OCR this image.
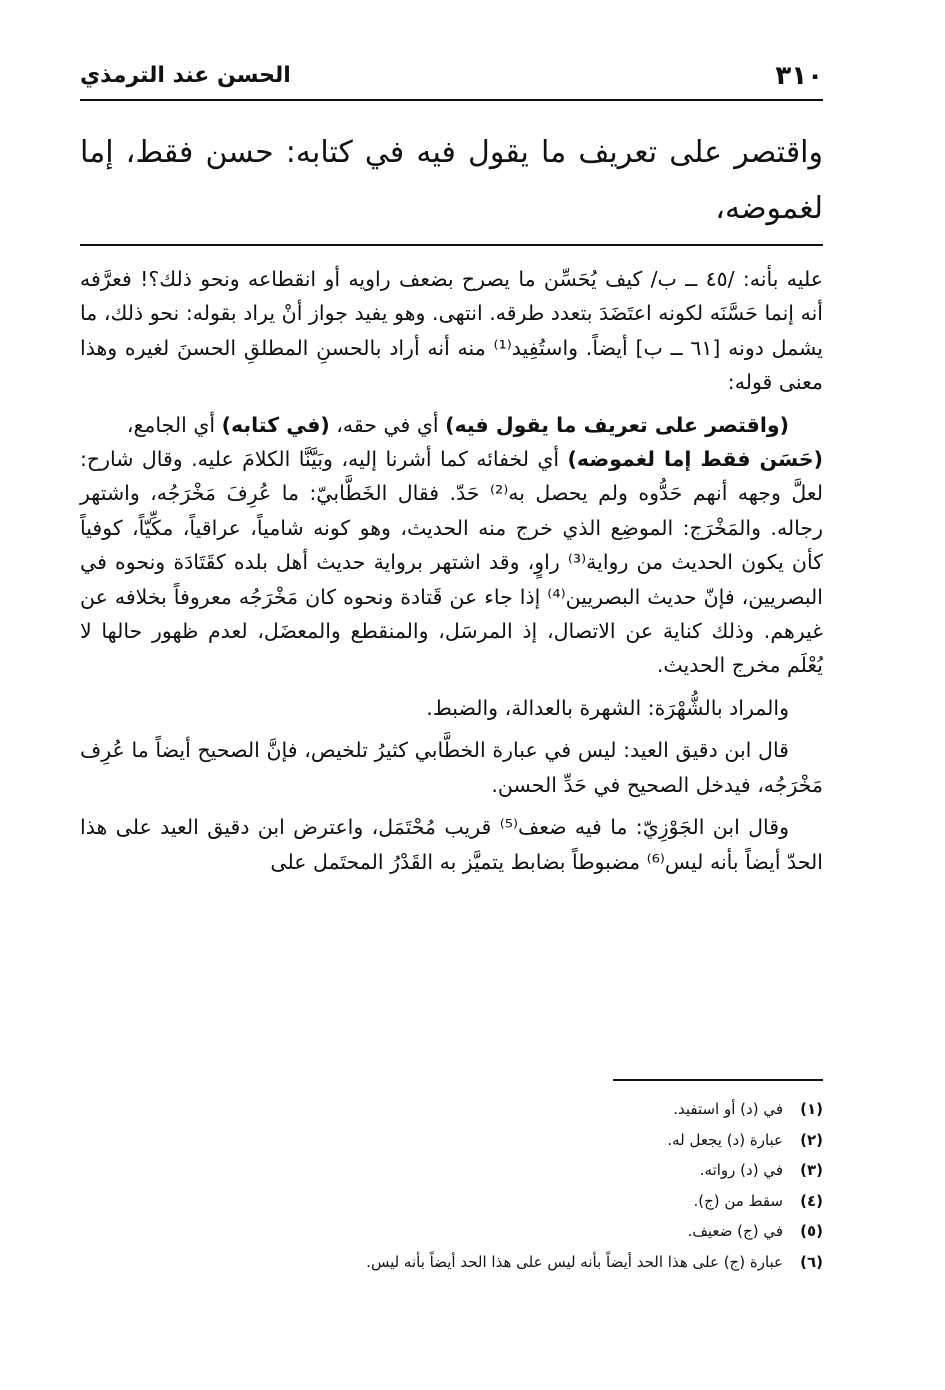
٣١٠
الحسن عند الترمذي

واقتصر على تعريف ما يقول فيه في كتابه: حسن فقط، إما لغموضه،

عليه بأنه: /٤٥ ــ ب/ كيف يُحَسِّن ما يصرح بضعف راويه أو انقطاعه ونحو ذلك؟! فعرَّفه أنه إنما حَسَّنَه لكونه اعتَضَدَ بتعدد طرقه. انتهى. وهو يفيد جواز أنْ يراد بقوله: نحو ذلك، ما يشمل دونه [٦١ ــ ب] أيضاً. واستُفِيد⁽¹⁾ منه أنه أراد بالحسنِ المطلقِ الحسنَ لغيره وهذا معنى قوله:

(واقتصر على تعريف ما يقول فيه) أي في حقه، (في كتابه) أي الجامع،
(حَسَن فقط إما لغموضه) أي لخفائه كما أشرنا إليه، وبَيَّنَّا الكلامَ عليه. وقال شارح: لعلَّ وجهه أنهم حَدُّوه ولم يحصل به⁽²⁾ حَدّ. فقال الخَطَّابيّ: ما عُرِفَ مَخْرَجُه، واشتهر رجاله. والمَخْرَج: الموضِع الذي خرج منه الحديث، وهو كونه شامياً، عراقياً، مكِّيّاً، كوفياً كأن يكون الحديث من رواية⁽³⁾ راوٍ، وقد اشتهر برواية حديث أهل بلده كقَتَادَة ونحوه في البصريين، فإنّ حديث البصريين⁽⁴⁾ إذا جاء عن قَتادة ونحوه كان مَخْرَجُه معروفاً بخلافه عن غيرهم. وذلك كناية عن الاتصال، إذ المرسَل، والمنقطع والمعضَل، لعدم ظهور حالها لا يُعْلَم مخرج الحديث.

والمراد بالشُّهْرَة: الشهرة بالعدالة، والضبط.

قال ابن دقيق العيد: ليس في عبارة الخطَّابي كثيرُ تلخيص، فإنَّ الصحيح أيضاً ما عُرِف مَخْرَجُه، فيدخل الصحيح في حَدِّ الحسن.

وقال ابن الجَوْزِيّ: ما فيه ضعف⁽⁵⁾ قريب مُحْتَمَل، واعترض ابن دقيق العيد على هذا الحدّ أيضاً بأنه ليس⁽⁶⁾ مضبوطاً بضابط يتميَّز به القَدْرُ المحتَمل على

(١)
في (د) أو استفيد.
(٢)
عبارة (د) يجعل له.
(٣)
في (د) رواته.
(٤)
سقط من (ج).
(٥)
في (ج) ضعيف.
(٦)
عبارة (ج) على هذا الحد أيضاً بأنه ليس على هذا الحد أيضاً بأنه ليس.
